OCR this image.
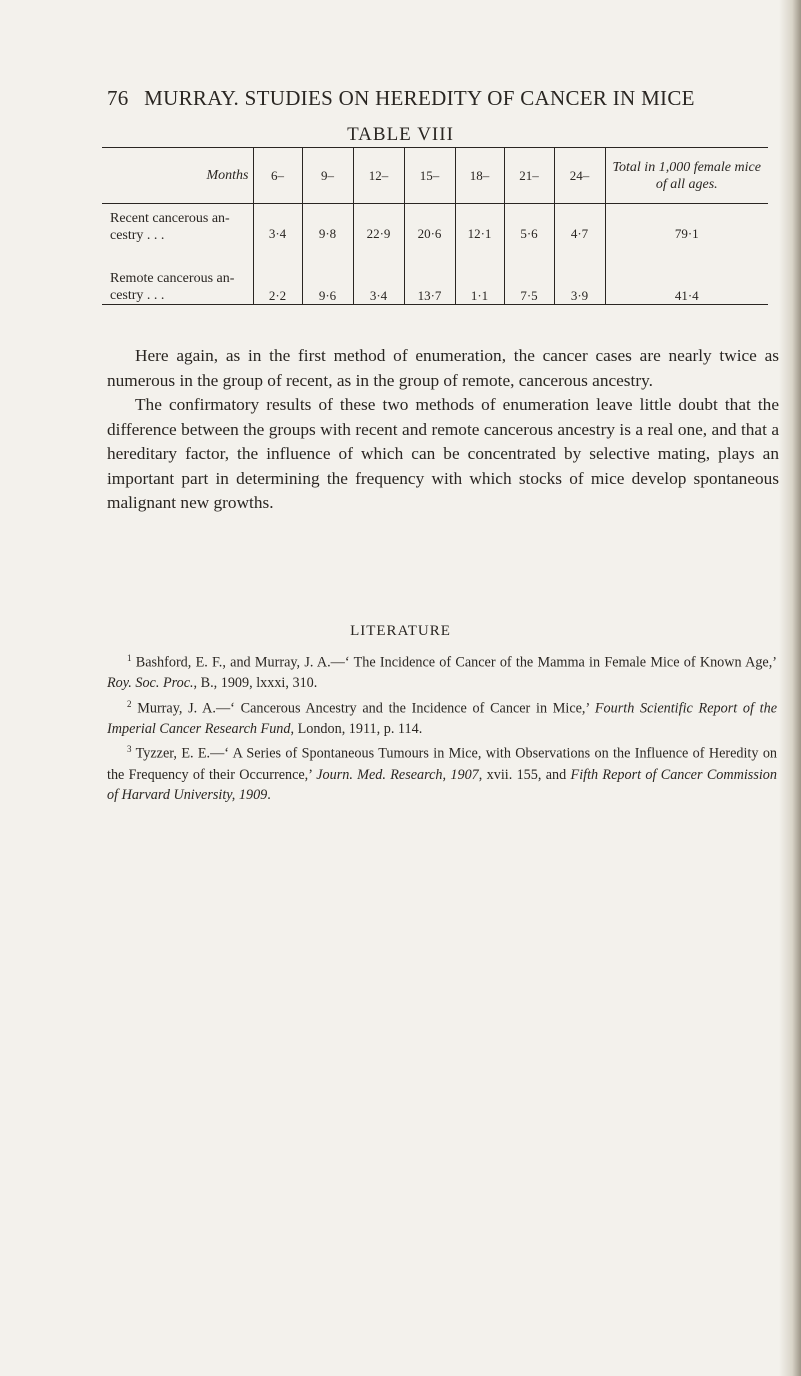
76 MURRAY. STUDIES ON HEREDITY OF CANCER IN MICE
TABLE VIII
Months	6–	9–	12–	15–	18–	21–	24–	Total in 1,000 female mice of all ages.
Recent cancerous an-
cestry . . .	3·4	9·8	22·9	20·6	12·1	5·6	4·7	79·1
Remote cancerous an-
cestry . . .	2·2	9·6	3·4	13·7	1·1	7·5	3·9	41·4

Here again, as in the first method of enumeration, the cancer cases are nearly twice as numerous in the group of recent, as in the group of remote, cancerous ancestry.

The confirmatory results of these two methods of enumeration leave little doubt that the difference between the groups with recent and remote cancerous ancestry is a real one, and that a hereditary factor, the influence of which can be concentrated by selective mating, plays an important part in determining the frequency with which stocks of mice develop spontaneous malignant new growths.

LITERATURE

$^1$ Bashford, E. F., and Murray, J. A.—‘ The Incidence of Cancer of the Mamma in Female Mice of Known Age,’ Roy. Soc. Proc., B., 1909, lxxxi, 310.

$^2$ Murray, J. A.—‘ Cancerous Ancestry and the Incidence of Cancer in Mice,’ Fourth Scientific Report of the Imperial Cancer Research Fund, London, 1911, p. 114.

$^3$ Tyzzer, E. E.—‘ A Series of Spontaneous Tumours in Mice, with Observations on the Influence of Heredity on the Frequency of their Occurrence,’ Journ. Med. Research, 1907, xvii. 155, and Fifth Report of Cancer Commission of Harvard University, 1909.
